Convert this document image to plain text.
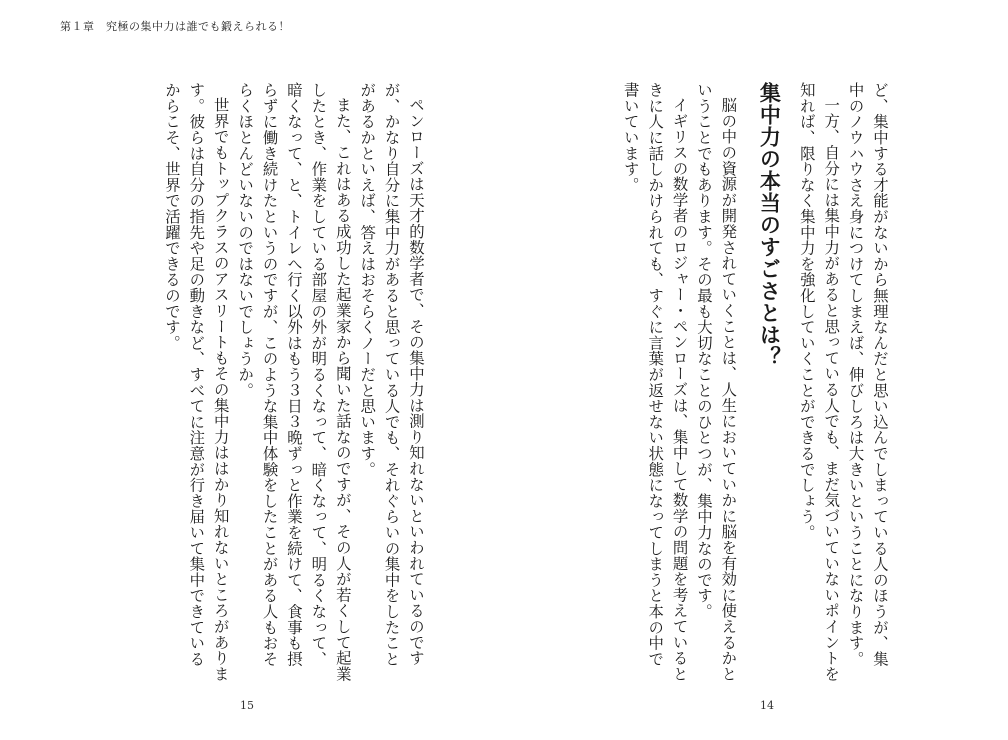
第１章　究極の集中力は誰でも鍛えられる！

ど、集中する才能がないから無理なんだと思い込んでしまっている人のほうが、集中のノウハウさえ身につけてしまえば、伸びしろは大きいということになります。

一方、自分には集中力があると思っている人でも、まだ気づいていないポイントを知れば、限りなく集中力を強化していくことができるでしょう。

集中力の本当のすごさとは？

脳の中の資源が開発されていくことは、人生においていかに脳を有効に使えるかということでもあります。その最も大切なことのひとつが、集中力なのです。

イギリスの数学者のロジャー・ペンローズは、集中して数学の問題を考えているときに人に話しかけられても、すぐに言葉が返せない状態になってしまうと本の中で書いています。

ペンローズは天才的数学者で、その集中力は測り知れないといわれているのですが、かなり自分に集中力があると思っている人でも、それぐらいの集中をしたことがあるかといえば、答えはおそらくノーだと思います。

また、これはある成功した起業家から聞いた話なのですが、その人が若くして起業したとき、作業をしている部屋の外が明るくなって、暗くなって、明るくなって、暗くなって、と、トイレへ行く以外はもう３日３晩ずっと作業を続けて、食事も摂らずに働き続けたというのですが、このような集中体験をしたことがある人もおそらくほとんどいないのではないでしょうか。

世界でもトップクラスのアスリートもその集中力ははかり知れないところがあります。彼らは自分の指先や足の動きなど、すべてに注意が行き届いて集中できているからこそ、世界で活躍できるのです。

15	14
